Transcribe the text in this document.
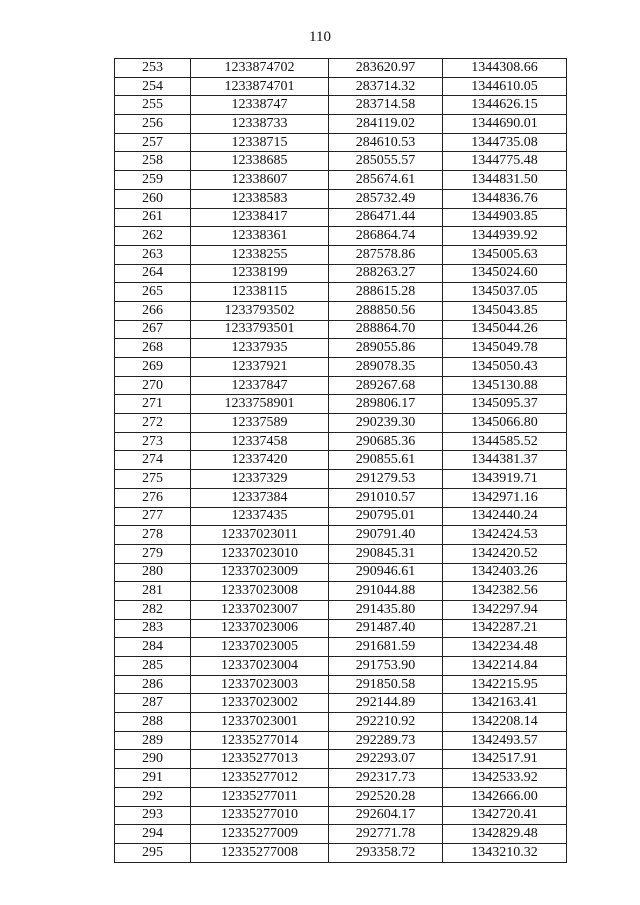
110
253	1233874702	283620.97	1344308.66
254	1233874701	283714.32	1344610.05
255	12338747	283714.58	1344626.15
256	12338733	284119.02	1344690.01
257	12338715	284610.53	1344735.08
258	12338685	285055.57	1344775.48
259	12338607	285674.61	1344831.50
260	12338583	285732.49	1344836.76
261	12338417	286471.44	1344903.85
262	12338361	286864.74	1344939.92
263	12338255	287578.86	1345005.63
264	12338199	288263.27	1345024.60
265	12338115	288615.28	1345037.05
266	1233793502	288850.56	1345043.85
267	1233793501	288864.70	1345044.26
268	12337935	289055.86	1345049.78
269	12337921	289078.35	1345050.43
270	12337847	289267.68	1345130.88
271	1233758901	289806.17	1345095.37
272	12337589	290239.30	1345066.80
273	12337458	290685.36	1344585.52
274	12337420	290855.61	1344381.37
275	12337329	291279.53	1343919.71
276	12337384	291010.57	1342971.16
277	12337435	290795.01	1342440.24
278	12337023011	290791.40	1342424.53
279	12337023010	290845.31	1342420.52
280	12337023009	290946.61	1342403.26
281	12337023008	291044.88	1342382.56
282	12337023007	291435.80	1342297.94
283	12337023006	291487.40	1342287.21
284	12337023005	291681.59	1342234.48
285	12337023004	291753.90	1342214.84
286	12337023003	291850.58	1342215.95
287	12337023002	292144.89	1342163.41
288	12337023001	292210.92	1342208.14
289	12335277014	292289.73	1342493.57
290	12335277013	292293.07	1342517.91
291	12335277012	292317.73	1342533.92
292	12335277011	292520.28	1342666.00
293	12335277010	292604.17	1342720.41
294	12335277009	292771.78	1342829.48
295	12335277008	293358.72	1343210.32
